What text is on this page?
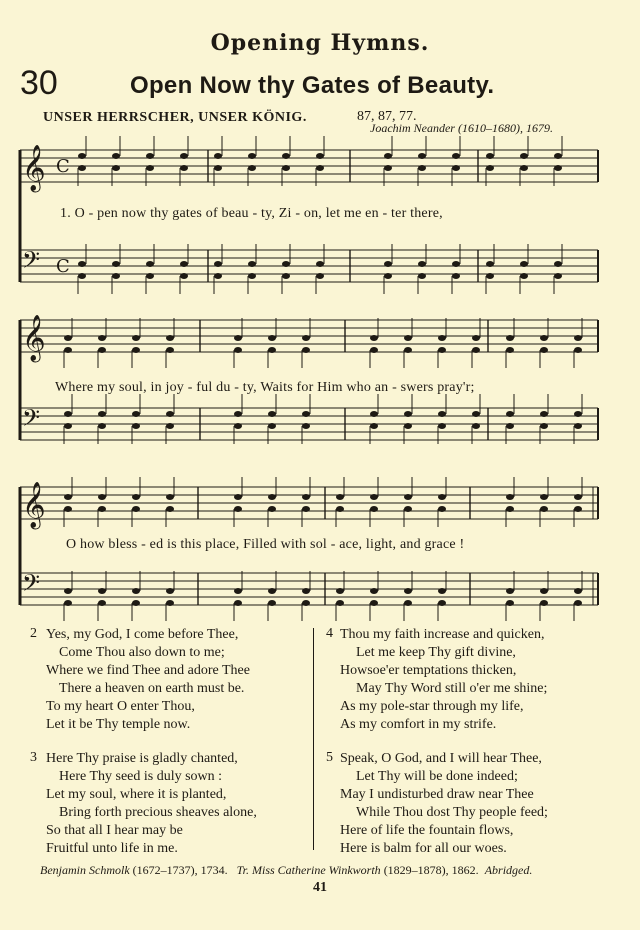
Opening Hymns.
30	Open Now thy Gates of Beauty.
UNSER HERRSCHER, UNSER KÖNIG.	87, 87, 77.
Joachim Neander (1610–1680), 1679.
𝄞 C
𝄢 C
𝄞
𝄢
𝄞
𝄢
1. O - pen now thy gates of beau - ty, Zi - on, let me en - ter there,
Where my soul, in joy - ful du - ty, Waits for Him who an - swers pray'r;
O how bless - ed is this place, Filled with sol - ace, light, and grace !
2 Yes, my God, I come before Thee,
Come Thou also down to me;
Where we find Thee and adore Thee
There a heaven on earth must be.
To my heart O enter Thou,
Let it be Thy temple now.
3 Here Thy praise is gladly chanted,
Here Thy seed is duly sown :
Let my soul, where it is planted,
Bring forth precious sheaves alone,
So that all I hear may be
Fruitful unto life in me.
4 Thou my faith increase and quicken,
Let me keep Thy gift divine,
Howsoe'er temptations thicken,
May Thy Word still o'er me shine;
As my pole-star through my life,
As my comfort in my strife.
5 Speak, O God, and I will hear Thee,
Let Thy will be done indeed;
May I undisturbed draw near Thee
While Thou dost Thy people feed;
Here of life the fountain flows,
Here is balm for all our woes.
Benjamin Schmolk (1672–1737), 1734. Tr. Miss Catherine Winkworth (1829–1878), 1862. Abridged.
41
